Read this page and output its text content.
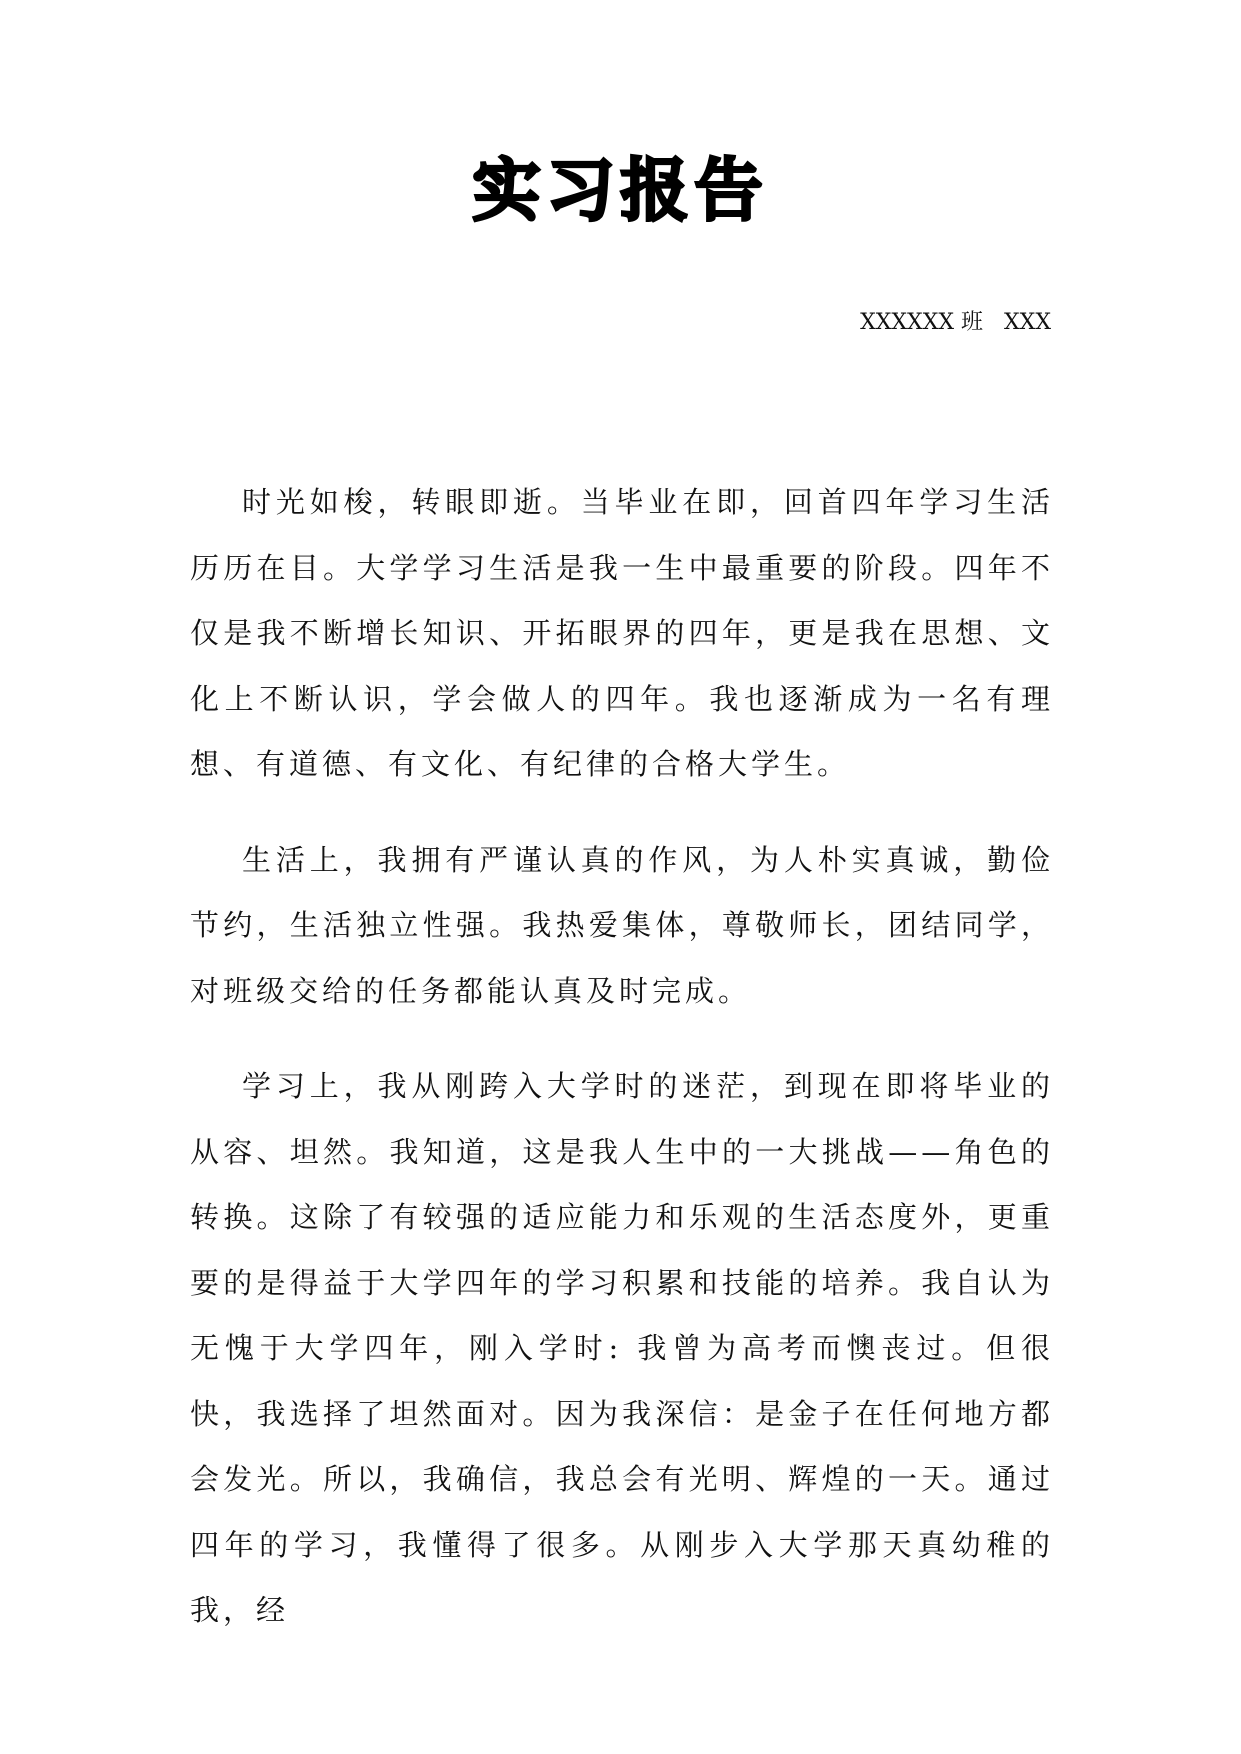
实习报告
XXXXXX 班   XXX

时光如梭，转眼即逝。当毕业在即，回首四年学习生活历历在目。大学学习生活是我一生中最重要的阶段。四年不仅是我不断增长知识、开拓眼界的四年，更是我在思想、文化上不断认识，学会做人的四年。我也逐渐成为一名有理想、有道德、有文化、有纪律的合格大学生。

生活上，我拥有严谨认真的作风，为人朴实真诚，勤俭节约，生活独立性强。我热爱集体，尊敬师长，团结同学，对班级交给的任务都能认真及时完成。

学习上，我从刚跨入大学时的迷茫，到现在即将毕业的从容、坦然。我知道，这是我人生中的一大挑战——角色的转换。这除了有较强的适应能力和乐观的生活态度外，更重要的是得益于大学四年的学习积累和技能的培养。我自认为无愧于大学四年，刚入学时: 我曾为高考而懊丧过。但很快，我选择了坦然面对。因为我深信：是金子在任何地方都会发光。所以，我确信，我总会有光明、辉煌的一天。通过四年的学习，我懂得了很多。从刚步入大学那天真幼稚的我，经
